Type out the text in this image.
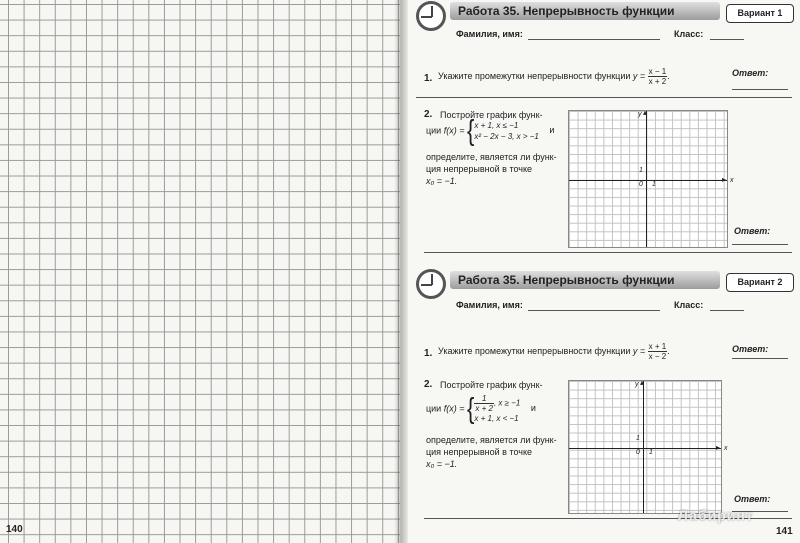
140
Работа 35. Непрерывность функции	Вариант 1
Фамилия, имя:	Класс:
1. Укажите промежутки непрерывности функции $y = \frac{x - 1}{x + 2}$ .	Ответ:
2. Постройте график функ-
ции f(x) = { x + 1, x ≤ −1
x² − 2x − 3, x > −1
и
определите, является ли функ-
ция непрерывной в точке
x₀ = −1.	▸
▴
x
y
0 1
1
Ответ:
Работа 35. Непрерывность функции	Вариант 2
Фамилия, имя:	Класс:
1. Укажите промежутки непрерывности функции $y = \frac{x + 1}{x - 2}$ .	Ответ:
2. Постройте график функ-
ции f(x) = { $\frac{1}{x + 2}$ , x ≥ −1
x + 1, x < −1
и
определите, является ли функ-
ция непрерывной в точке
x₀ = −1.
▸
▴
x
y
0 1
1
Ответ:
Лабиринт
141
